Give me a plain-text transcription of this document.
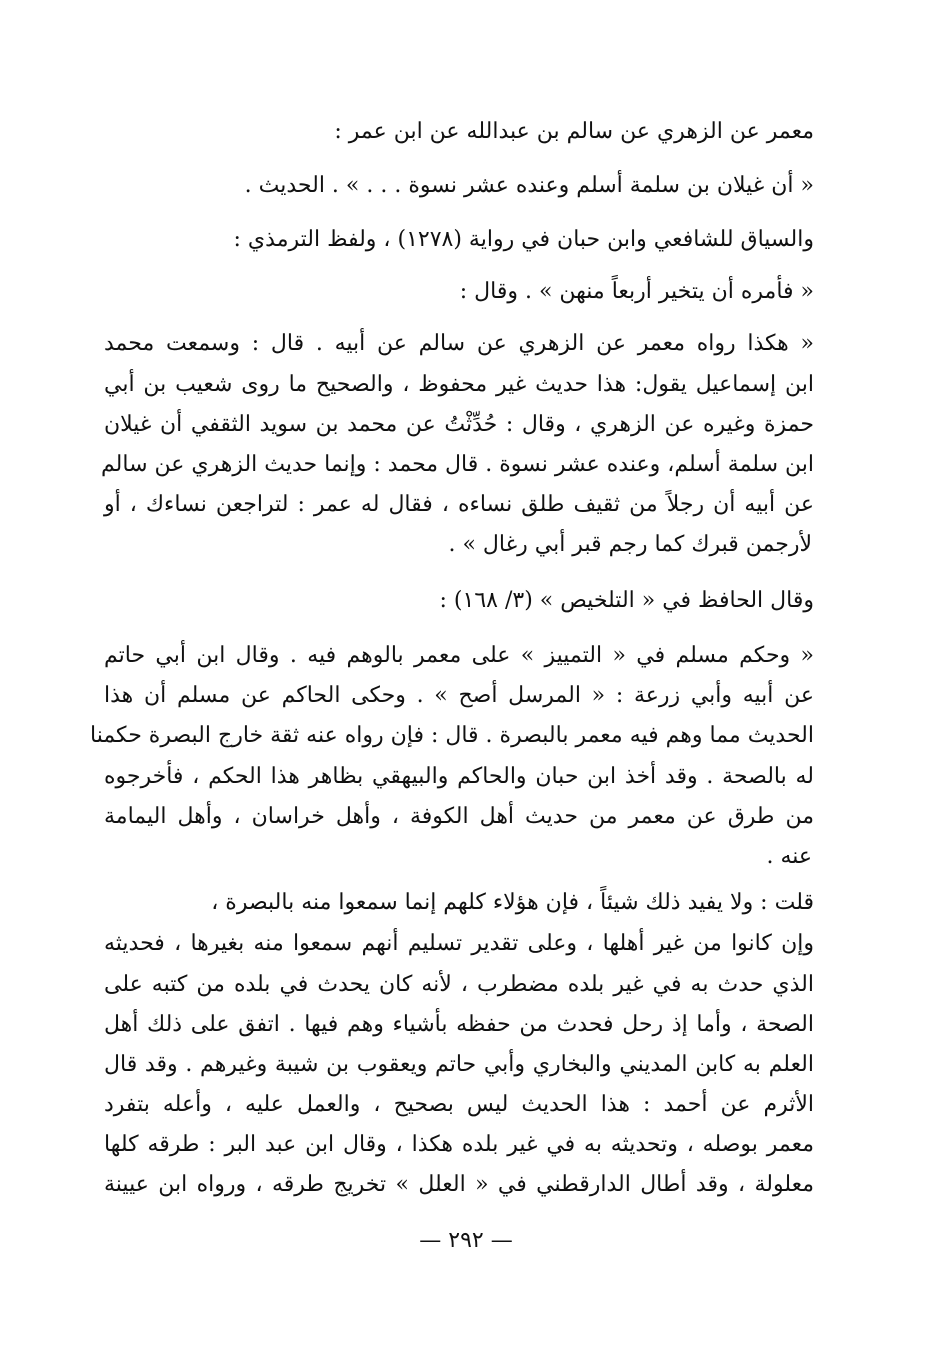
معمر عن الزهري عن سالم بن عبدالله عن ابن عمر :
« أن غيلان بن سلمة أسلم وعنده عشر نسوة . . . » . الحديث .
والسياق للشافعي وابن حبان في رواية (١٢٧٨) ، ولفظ الترمذي :
« فأمره أن يتخير أربعاً منهن » . وقال :
« هكذا رواه معمر عن الزهري عن سالم عن أبيه . قال : وسمعت محمد
ابن إسماعيل يقول: هذا حديث غير محفوظ ، والصحيح ما روى شعيب بن أبي
حمزة وغيره عن الزهري ، وقال : حُدِّثْتُ عن محمد بن سويد الثقفي أن غيلان
ابن سلمة أسلم، وعنده عشر نسوة . قال محمد : وإنما حديث الزهري عن سالم
عن أبيه أن رجلاً من ثقيف طلق نساءه ، فقال له عمر : لتراجعن نساءك ، أو
لأرجمن قبرك كما رجم قبر أبي رغال » .
وقال الحافظ في « التلخيص » (٣/ ١٦٨) :
« وحكم مسلم في « التمييز » على معمر بالوهم فيه . وقال ابن أبي حاتم
عن أبيه وأبي زرعة : « المرسل أصح » . وحكى الحاكم عن مسلم أن هذا
الحديث مما وهم فيه معمر بالبصرة . قال : فإن رواه عنه ثقة خارج البصرة حكمنا
له بالصحة . وقد أخذ ابن حبان والحاكم والبيهقي بظاهر هذا الحكم ، فأخرجوه
من طرق عن معمر من حديث أهل الكوفة ، وأهل خراسان ، وأهل اليمامة
عنه .
قلت : ولا يفيد ذلك شيئاً ، فإن هؤلاء كلهم إنما سمعوا منه بالبصرة ،
وإن كانوا من غير أهلها ، وعلى تقدير تسليم أنهم سمعوا منه بغيرها ، فحديثه
الذي حدث به في غير بلده مضطرب ، لأنه كان يحدث في بلده من كتبه على
الصحة ، وأما إذ رحل فحدث من حفظه بأشياء وهم فيها . اتفق على ذلك أهل
العلم به كابن المديني والبخاري وأبي حاتم ويعقوب بن شيبة وغيرهم . وقد قال
الأثرم عن أحمد : هذا الحديث ليس بصحيح ، والعمل عليه ، وأعله بتفرد
معمر بوصله ، وتحديثه به في غير بلده هكذا ، وقال ابن عبد البر : طرقه كلها
معلولة ، وقد أطال الدارقطني في « العلل » تخريج طرقه ، ورواه ابن عيينة
— ٢٩٢ —
